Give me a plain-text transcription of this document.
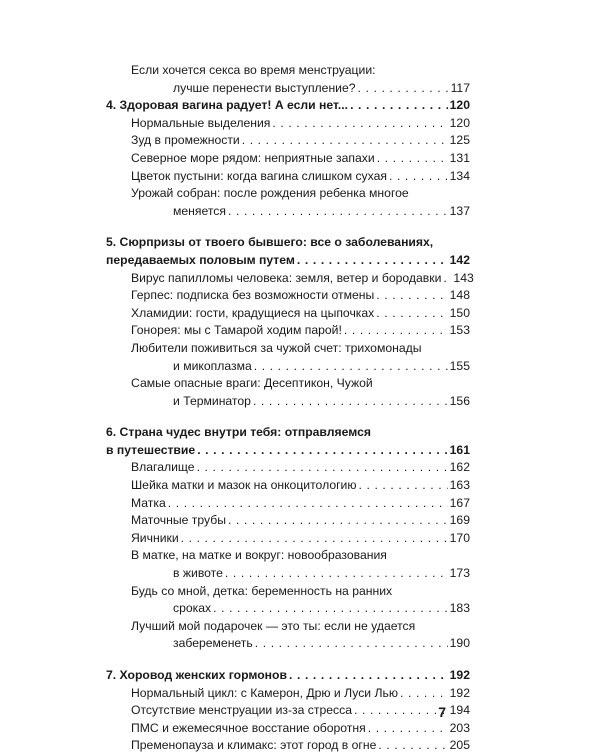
Если хочется секса во время менструации:
лучше перенести выступление? . . .	117
4. Здоровая вагина радует! А если нет... . . .	120
Нормальные выделения . . .	120
Зуд в промежности . . .	125
Северное море рядом: неприятные запахи . . .	131
Цветок пустыни: когда вагина слишком сухая . . .	134
Урожай собран: после рождения ребенка многое
меняется . . .	137
5. Сюрпризы от твоего бывшего: все о заболеваниях,
передаваемых половым путем . . .	142
Вирус папилломы человека: земля, ветер и бородавки . . . 143
Герпес: подписка без возможности отмены . . .	148
Хламидии: гости, крадущиеся на цыпочках . . .	150
Гонорея: мы с Тамарой ходим парой! . . .	153
Любители поживиться за чужой счет: трихомонады
и микоплазма . . .	155
Самые опасные враги: Десептикон, Чужой
и Терминатор . . .	156
6. Страна чудес внутри тебя: отправляемся
в путешествие . . .	161
Влагалище . . .	162
Шейка матки и мазок на онкоцитологию . . .	163
Матка . . .	167
Маточные трубы . . .	169
Яичники . . .	170
В матке, на матке и вокруг: новообразования
в животе . . .	173
Будь со мной, детка: беременность на ранних
сроках . . .	183
Лучший мой подарочек — это ты: если не удается
забеременеть . . .	190
7. Хоровод женских гормонов . . .	192
Нормальный цикл: с Камерон, Дрю и Луси Лью . . .	192
Отсутствие менструации из-за стресса . . .	194
ПМС и ежемесячное восстание оборотня . . .	203
Пременопауза и климакс: этот город в огне . . .	205
7
